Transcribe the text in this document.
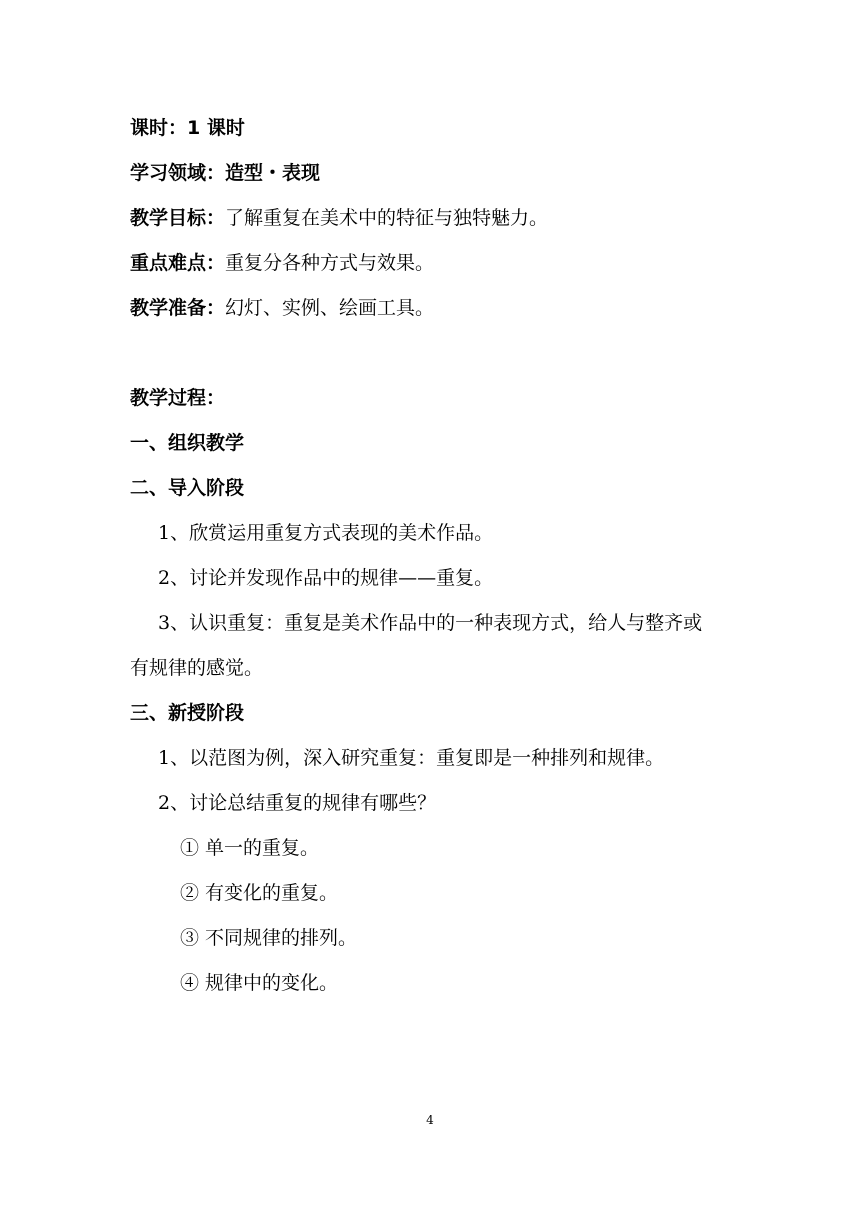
课时：1 课时
学习领域：造型・表现
教学目标：了解重复在美术中的特征与独特魅力。
重点难点：重复分各种方式与效果。
教学准备：幻灯、实例、绘画工具。
教学过程：
一、组织教学
二、导入阶段
1、欣赏运用重复方式表现的美术作品。
2、讨论并发现作品中的规律——重复。
3、认识重复：重复是美术作品中的一种表现方式，给人与整齐或
有规律的感觉。
三、新授阶段
1、以范图为例，深入研究重复：重复即是一种排列和规律。
2、讨论总结重复的规律有哪些？
① 单一的重复。
② 有变化的重复。
③ 不同规律的排列。
④ 规律中的变化。
4
